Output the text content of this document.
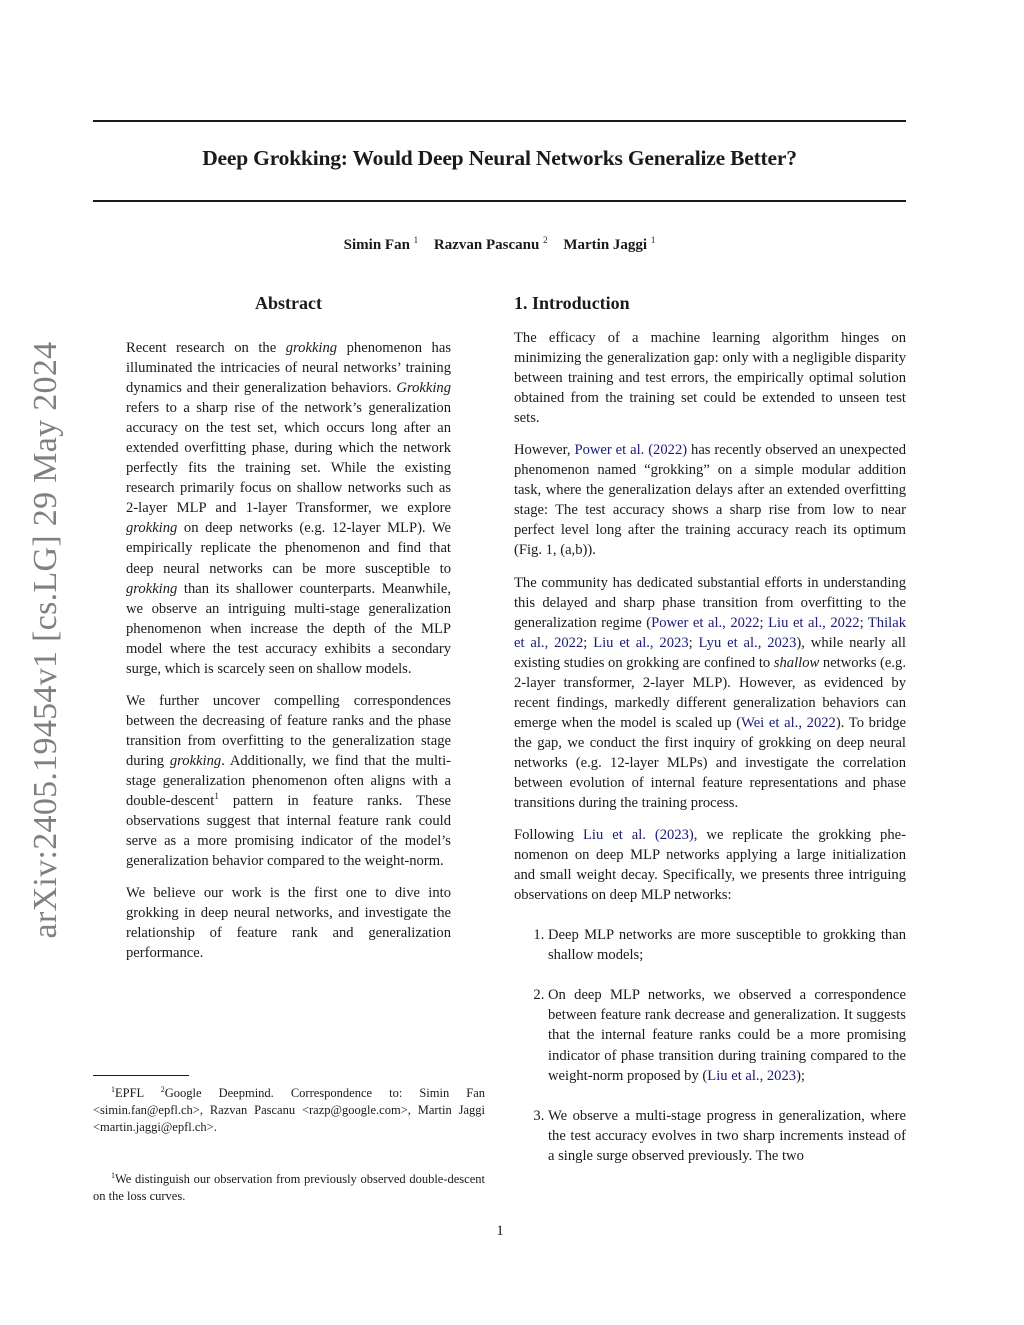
Deep Grokking: Would Deep Neural Networks Generalize Better?
Simin Fan $^1$ Razvan Pascanu $^2$ Martin Jaggi $^1$
arXiv:2405.19454v1 [cs.LG] 29 May 2024
Abstract

Recent research on the grokking phenomenon has illuminated the intricacies of neural networks’ training dynamics and their generalization behaviors. Grokking refers to a sharp rise of the network’s generalization accuracy on the test set, which occurs long after an extended overfitting phase, during which the network perfectly fits the training set. While the existing research primarily focus on shallow networks such as 2-layer MLP and 1-layer Transformer, we explore grokking on deep networks (e.g. 12-layer MLP). We empirically replicate the phenomenon and find that deep neural networks can be more susceptible to grokking than its shallower counterparts. Meanwhile, we observe an intriguing multi-stage generalization phenomenon when increase the depth of the MLP model where the test accuracy exhibits a secondary surge, which is scarcely seen on shallow models.

We further uncover compelling correspondences between the decreasing of feature ranks and the phase transition from overfitting to the generalization stage during grokking. Additionally, we find that the multi-stage generalization phenomenon often aligns with a double-descent$^1$ pattern in feature ranks. These observations suggest that internal feature rank could serve as a more promising indicator of the model’s generalization behavior compared to the weight-norm.

We believe our work is the first one to dive into grokking in deep neural networks, and investigate the relationship of feature rank and generalization performance.

1. Introduction

The efficacy of a machine learning algorithm hinges on minimizing the generalization gap: only with a negligible disparity between training and test errors, the empirically optimal solution obtained from the training set could be extended to unseen test sets.

However, Power et al. (2022) has recently observed an unexpected phenomenon named “grokking” on a simple modular addition task, where the generalization delays after an extended overfitting stage: The test accuracy shows a sharp rise from low to near perfect level long after the training accuracy reach its optimum (Fig. 1, (a,b)).

The community has dedicated substantial efforts in understanding this delayed and sharp phase transition from overfitting to the generalization regime (Power et al., 2022; Liu et al., 2022; Thilak et al., 2022; Liu et al., 2023; Lyu et al., 2023), while nearly all existing studies on grokking are confined to shallow networks (e.g. 2-layer transformer, 2-layer MLP). However, as evidenced by recent findings, markedly different generalization behaviors can emerge when the model is scaled up (Wei et al., 2022). To bridge the gap, we conduct the first inquiry of grokking on deep neural networks (e.g. 12-layer MLPs) and investigate the correlation between evolution of internal feature representations and phase transitions during the training process.

Following Liu et al. (2023), we replicate the grokking phenomenon on deep MLP networks applying a large initialization and small weight decay. Specifically, we presents three intriguing observations on deep MLP networks:

1. Deep MLP networks are more susceptible to grokking than shallow models;
2. On deep MLP networks, we observed a correspondence between feature rank decrease and generalization. It suggests that the internal feature ranks could be a more promising indicator of phase transition during training compared to the weight-norm proposed by (Liu et al., 2023);
3. We observe a multi-stage progress in generalization, where the test accuracy evolves in two sharp increments instead of a single surge observed previously. The two
$^1$EPFL $^2$Google Deepmind. Correspondence to: Simin Fan <simin.fan@epfl.ch>, Razvan Pascanu <razp@google.com>, Martin Jaggi <martin.jaggi@epfl.ch>.
$^1$We distinguish our observation from previously observed double-descent on the loss curves.
1
